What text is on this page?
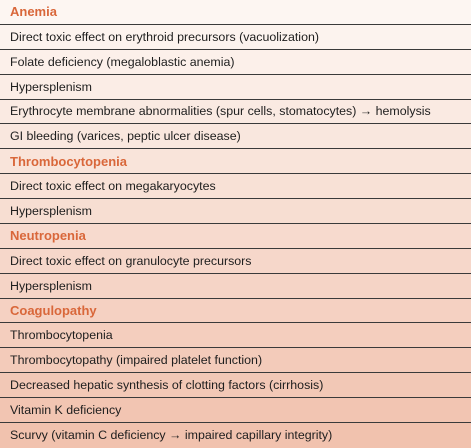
Anemia
Direct toxic effect on erythroid precursors (vacuolization)
Folate deficiency (megaloblastic anemia)
Hypersplenism
Erythrocyte membrane abnormalities (spur cells, stomatocytes) → hemolysis
GI bleeding (varices, peptic ulcer disease)
Thrombocytopenia
Direct toxic effect on megakaryocytes
Hypersplenism
Neutropenia
Direct toxic effect on granulocyte precursors
Hypersplenism
Coagulopathy
Thrombocytopenia
Thrombocytopathy (impaired platelet function)
Decreased hepatic synthesis of clotting factors (cirrhosis)
Vitamin K deficiency
Scurvy (vitamin C deficiency → impaired capillary integrity)
